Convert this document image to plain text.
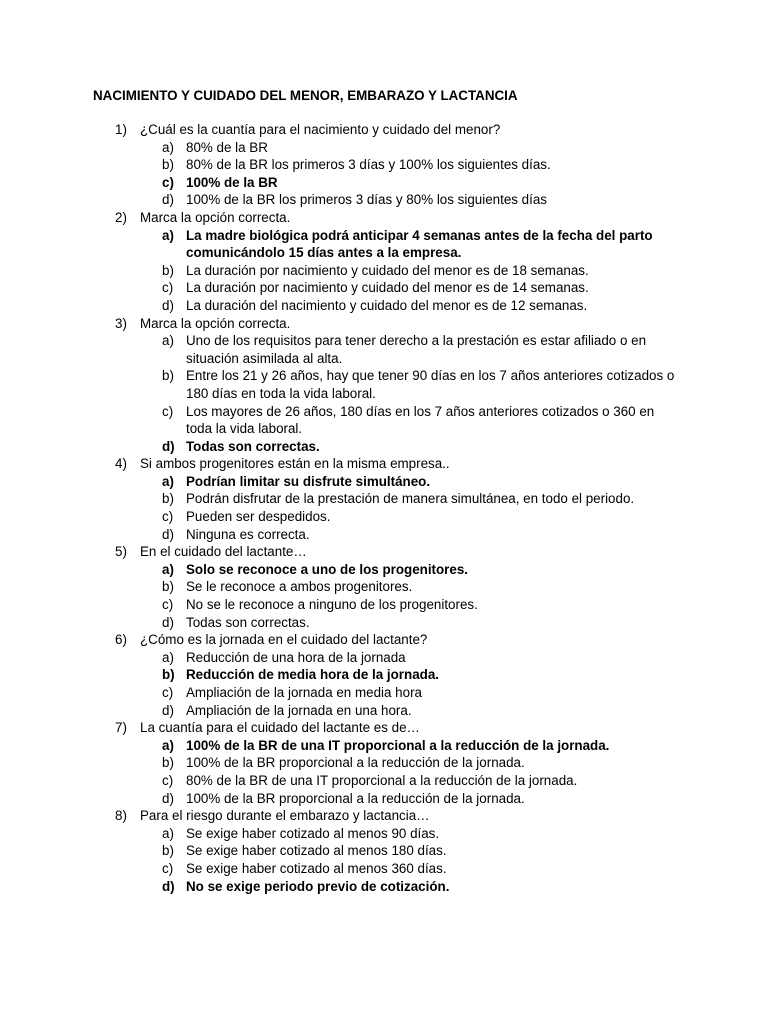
NACIMIENTO Y CUIDADO DEL MENOR, EMBARAZO Y LACTANCIA
1) ¿Cuál es la cuantía para el nacimiento y cuidado del menor?
a) 80% de la BR
b) 80% de la BR los primeros 3 días y 100% los siguientes días.
c) 100% de la BR
d) 100% de la BR los primeros 3 días y 80% los siguientes días
2) Marca la opción correcta.
a) La madre biológica podrá anticipar 4 semanas antes de la fecha del parto comunicándolo 15 días antes a la empresa.
b) La duración por nacimiento y cuidado del menor es de 18 semanas.
c) La duración por nacimiento y cuidado del menor es de 14 semanas.
d) La duración del nacimiento y cuidado del menor es de 12 semanas.
3) Marca la opción correcta.
a) Uno de los requisitos para tener derecho a la prestación es estar afiliado o en situación asimilada al alta.
b) Entre los 21 y 26 años, hay que tener 90 días en los 7 años anteriores cotizados o 180 días en toda la vida laboral.
c) Los mayores de 26 años, 180 días en los 7 años anteriores cotizados o 360 en toda la vida laboral.
d) Todas son correctas.
4) Si ambos progenitores están en la misma empresa..
a) Podrían limitar su disfrute simultáneo.
b) Podrán disfrutar de la prestación de manera simultánea, en todo el periodo.
c) Pueden ser despedidos.
d) Ninguna es correcta.
5) En el cuidado del lactante…
a) Solo se reconoce a uno de los progenitores.
b) Se le reconoce a ambos progenitores.
c) No se le reconoce a ninguno de los progenitores.
d) Todas son correctas.
6) ¿Cómo es la jornada en el cuidado del lactante?
a) Reducción de una hora de la jornada
b) Reducción de media hora de la jornada.
c) Ampliación de la jornada en media hora
d) Ampliación de la jornada en una hora.
7) La cuantía para el cuidado del lactante es de…
a) 100% de la BR de una IT proporcional a la reducción de la jornada.
b) 100% de la BR proporcional a la reducción de la jornada.
c) 80% de la BR de una IT proporcional a la reducción de la jornada.
d) 100% de la BR proporcional a la reducción de la jornada.
8) Para el riesgo durante el embarazo y lactancia…
a) Se exige haber cotizado al menos 90 días.
b) Se exige haber cotizado al menos 180 días.
c) Se exige haber cotizado al menos 360 días.
d) No se exige periodo previo de cotización.
